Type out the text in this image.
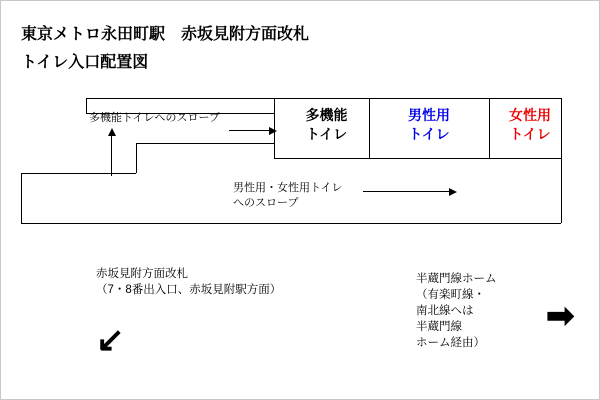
東京メトロ永田町駅　赤坂見附方面改札
トイレ入口配置図
多機能
トイレ
男性用
トイレ
女性用
トイレ
多機能トイレへのスロープ
男性用・女性用トイレ
へのスロープ
赤坂見附方面改札
（7・8番出入口、赤坂見附駅方面）
↙
半蔵門線ホーム
（有楽町線・
南北線へは
半蔵門線
ホーム経由）
➡
